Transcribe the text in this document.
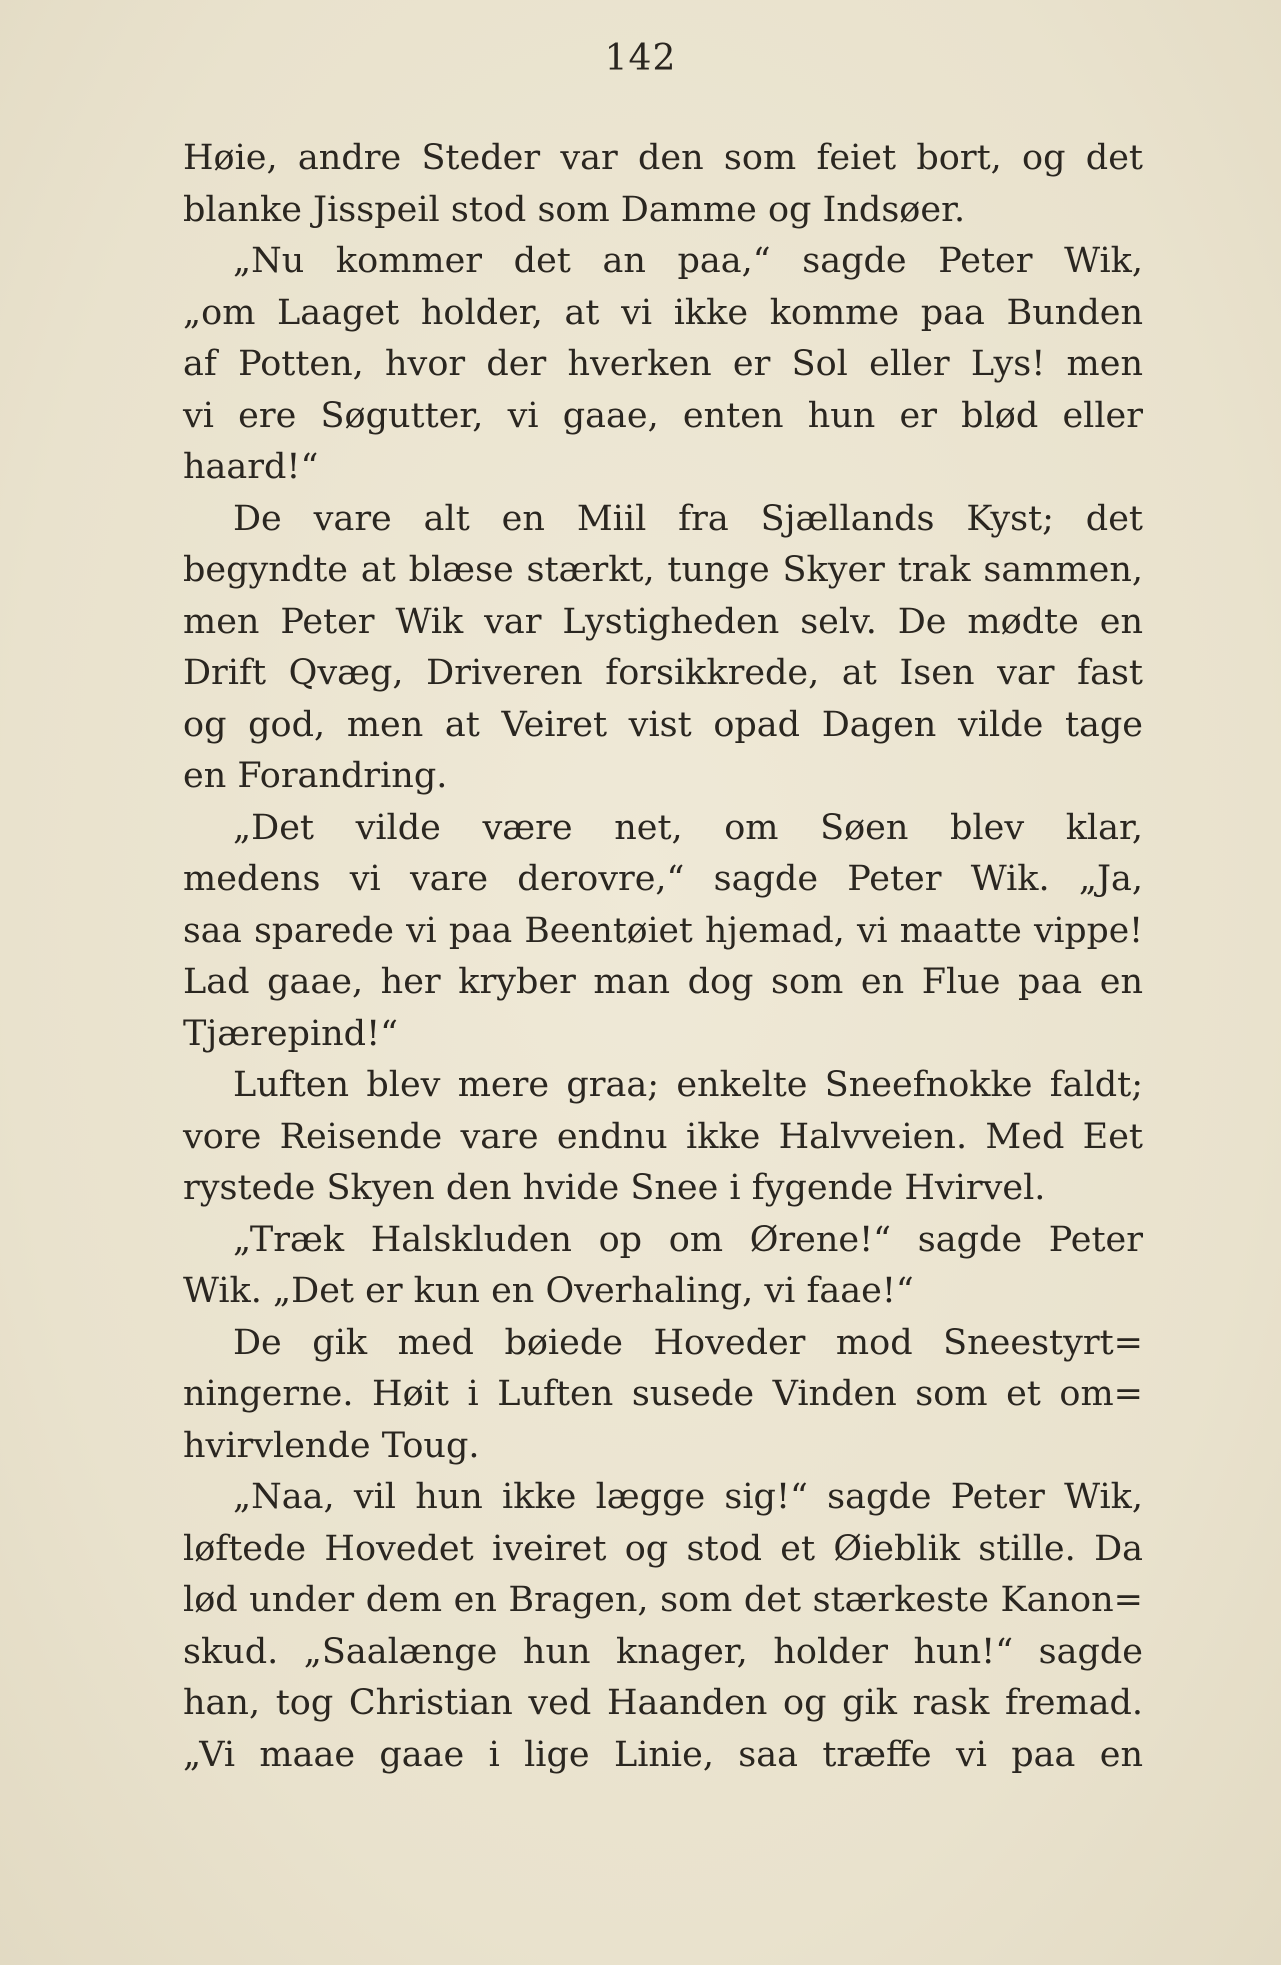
142
Høie, andre Steder var den som feiet bort, og det
blanke Jisspeil stod som Damme og Indsøer.
„Nu kommer det an paa,“ sagde Peter Wik,
„om Laaget holder, at vi ikke komme paa Bunden
af Potten, hvor der hverken er Sol eller Lys! men
vi ere Søgutter, vi gaae, enten hun er blød eller
haard!“
De vare alt en Miil fra Sjællands Kyst; det
begyndte at blæse stærkt, tunge Skyer trak sammen,
men Peter Wik var Lystigheden selv. De mødte en
Drift Qvæg, Driveren forsikkrede, at Isen var fast
og god, men at Veiret vist opad Dagen vilde tage
en Forandring.
„Det vilde være net, om Søen blev klar,
medens vi vare derovre,“ sagde Peter Wik. „Ja,
saa sparede vi paa Beentøiet hjemad, vi maatte vippe!
Lad gaae, her kryber man dog som en Flue paa en
Tjærepind!“
Luften blev mere graa; enkelte Sneefnokke faldt;
vore Reisende vare endnu ikke Halvveien. Med Eet
rystede Skyen den hvide Snee i fygende Hvirvel.
„Træk Halskluden op om Ørene!“ sagde Peter
Wik. „Det er kun en Overhaling, vi faae!“
De gik med bøiede Hoveder mod Sneestyrt=
ningerne. Høit i Luften susede Vinden som et om=
hvirvlende Toug.
„Naa, vil hun ikke lægge sig!“ sagde Peter Wik,
løftede Hovedet iveiret og stod et Øieblik stille. Da
lød under dem en Bragen, som det stærkeste Kanon=
skud. „Saalænge hun knager, holder hun!“ sagde
han, tog Christian ved Haanden og gik rask fremad.
„Vi maae gaae i lige Linie, saa træffe vi paa en
